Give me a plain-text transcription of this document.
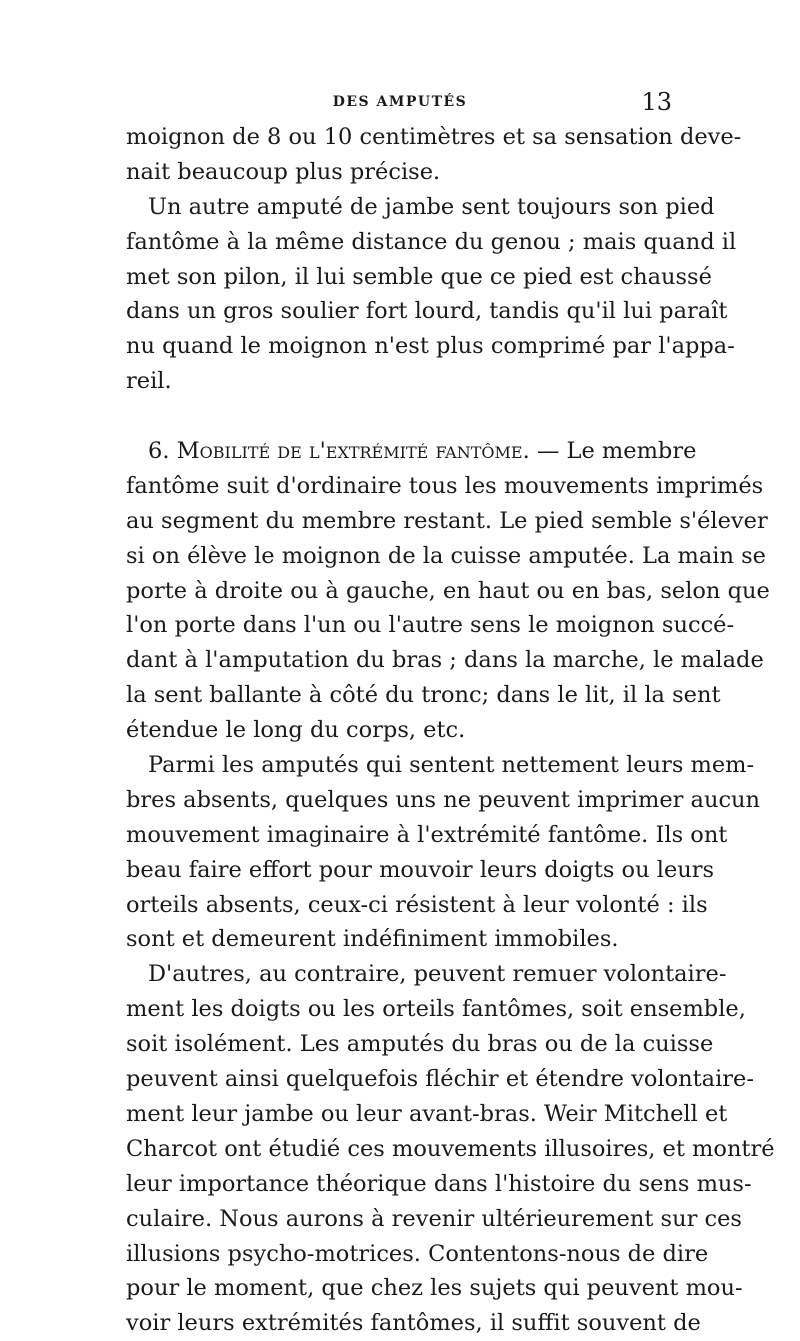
DES AMPUTÉS	13
moignon de 8 ou 10 centimètres et sa sensation deve-
nait beaucoup plus précise.
Un autre amputé de jambe sent toujours son pied
fantôme à la même distance du genou ; mais quand il
met son pilon, il lui semble que ce pied est chaussé
dans un gros soulier fort lourd, tandis qu'il lui paraît
nu quand le moignon n'est plus comprimé par l'appa-
reil.
6. Mobilité de l'extrémité fantôme. — Le membre
fantôme suit d'ordinaire tous les mouvements imprimés
au segment du membre restant. Le pied semble s'élever
si on élève le moignon de la cuisse amputée. La main se
porte à droite ou à gauche, en haut ou en bas, selon que
l'on porte dans l'un ou l'autre sens le moignon succé-
dant à l'amputation du bras ; dans la marche, le malade
la sent ballante à côté du tronc; dans le lit, il la sent
étendue le long du corps, etc.
Parmi les amputés qui sentent nettement leurs mem-
bres absents, quelques uns ne peuvent imprimer aucun
mouvement imaginaire à l'extrémité fantôme. Ils ont
beau faire effort pour mouvoir leurs doigts ou leurs
orteils absents, ceux-ci résistent à leur volonté : ils
sont et demeurent indéfiniment immobiles.
D'autres, au contraire, peuvent remuer volontaire-
ment les doigts ou les orteils fantômes, soit ensemble,
soit isolément. Les amputés du bras ou de la cuisse
peuvent ainsi quelquefois fléchir et étendre volontaire-
ment leur jambe ou leur avant-bras. Weir Mitchell et
Charcot ont étudié ces mouvements illusoires, et montré
leur importance théorique dans l'histoire du sens mus-
culaire. Nous aurons à revenir ultérieurement sur ces
illusions psycho-motrices. Contentons-nous de dire
pour le moment, que chez les sujets qui peuvent mou-
voir leurs extrémités fantômes, il suffit souvent de
